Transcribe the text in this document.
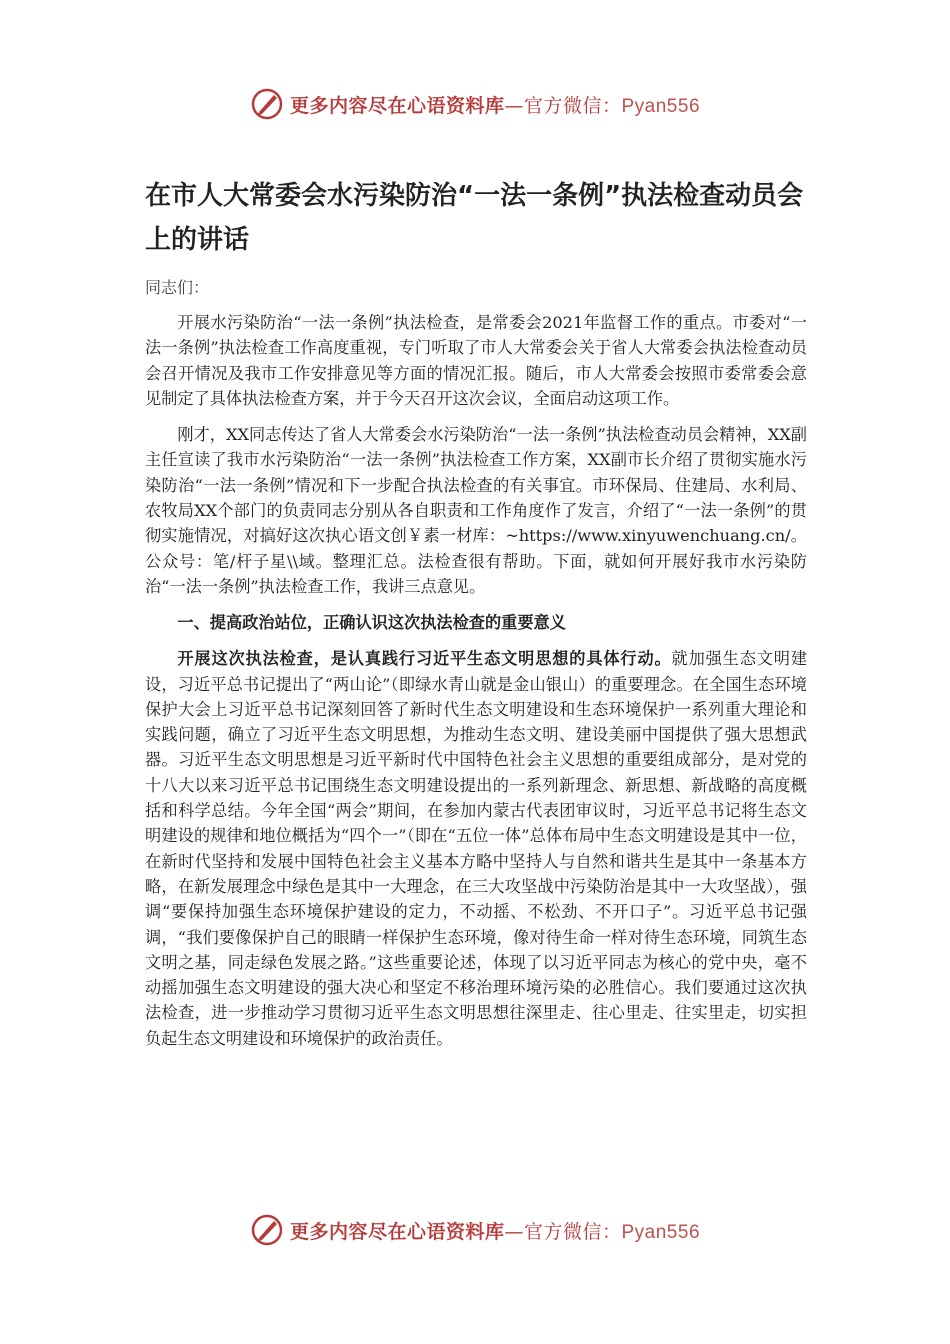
更多内容尽在心语资料库—官方微信：Pyan556
在市人大常委会水污染防治“一法一条例”执法检查动员会上的讲话

同志们：

开展水污染防治“一法一条例”执法检查，是常委会2021年监督工作的重点。市委对“一法一条例”执法检查工作高度重视，专门听取了市人大常委会关于省人大常委会执法检查动员会召开情况及我市工作安排意见等方面的情况汇报。随后，市人大常委会按照市委常委会意见制定了具体执法检查方案，并于今天召开这次会议，全面启动这项工作。

刚才，XX同志传达了省人大常委会水污染防治“一法一条例”执法检查动员会精神，XX副主任宣读了我市水污染防治“一法一条例”执法检查工作方案，XX副市长介绍了贯彻实施水污染防治“一法一条例”情况和下一步配合执法检查的有关事宜。市环保局、住建局、水利局、农牧局XX个部门的负责同志分别从各自职责和工作角度作了发言，介绍了“一法一条例”的贯彻实施情况，对搞好这次执心语文创￥素一材库：~https://www.xinyuwenchuang.cn/。公众号：笔/杆子星\\域。整理汇总。法检查很有帮助。下面，就如何开展好我市水污染防治“一法一条例”执法检查工作，我讲三点意见。

一、提高政治站位，正确认识这次执法检查的重要意义

开展这次执法检查，是认真践行习近平生态文明思想的具体行动。就加强生态文明建设，习近平总书记提出了“两山论”（即绿水青山就是金山银山）的重要理念。在全国生态环境保护大会上习近平总书记深刻回答了新时代生态文明建设和生态环境保护一系列重大理论和实践问题，确立了习近平生态文明思想，为推动生态文明、建设美丽中国提供了强大思想武器。习近平生态文明思想是习近平新时代中国特色社会主义思想的重要组成部分，是对党的十八大以来习近平总书记围绕生态文明建设提出的一系列新理念、新思想、新战略的高度概括和科学总结。今年全国“两会”期间，在参加内蒙古代表团审议时，习近平总书记将生态文明建设的规律和地位概括为“四个一”（即在“五位一体”总体布局中生态文明建设是其中一位，在新时代坚持和发展中国特色社会主义基本方略中坚持人与自然和谐共生是其中一条基本方略，在新发展理念中绿色是其中一大理念，在三大攻坚战中污染防治是其中一大攻坚战），强调“要保持加强生态环境保护建设的定力，不动摇、不松劲、不开口子”。习近平总书记强调，“我们要像保护自己的眼睛一样保护生态环境，像对待生命一样对待生态环境，同筑生态文明之基，同走绿色发展之路。”这些重要论述，体现了以习近平同志为核心的党中央，毫不动摇加强生态文明建设的强大决心和坚定不移治理环境污染的必胜信心。我们要通过这次执法检查，进一步推动学习贯彻习近平生态文明思想往深里走、往心里走、往实里走，切实担负起生态文明建设和环境保护的政治责任。

更多内容尽在心语资料库—官方微信：Pyan556
